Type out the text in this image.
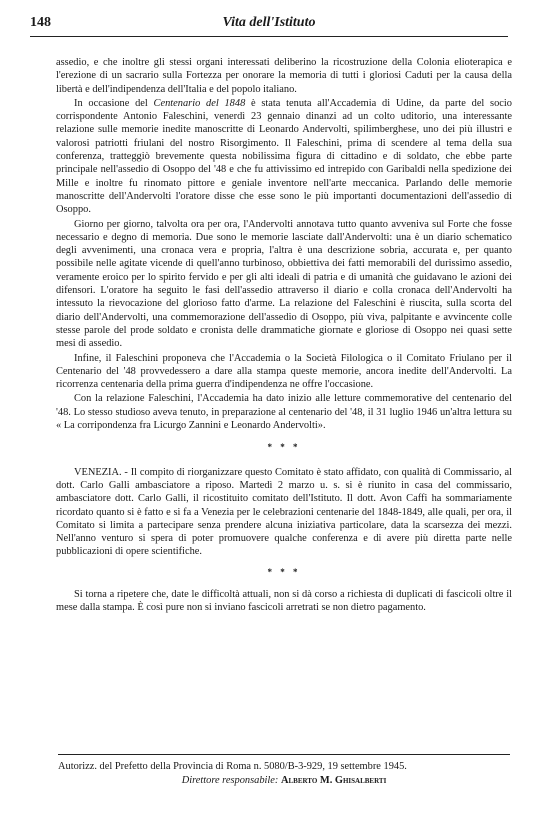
148	Vita dell'Istituto

assedio, e che inoltre gli stessi organi interessati deliberino la ricostruzione della Colonia elioterapica e l'erezione di un sacrario sulla Fortezza per onorare la memoria di tutti i gloriosi Caduti per la causa della libertà e dell'indipendenza dell'Italia e del popolo italiano.

In occasione del Centenario del 1848 è stata tenuta all'Accademia di Udine, da parte del socio corrispondente Antonio Faleschini, venerdì 23 gennaio dinanzi ad un colto uditorio, una interessante relazione sulle memorie inedite manoscritte di Leonardo Andervolti, spilimberghese, uno dei più illustri e valorosi patriotti friulani del nostro Risorgimento. Il Faleschini, prima di scendere al tema della sua conferenza, tratteggiò brevemente questa nobilissima figura di cittadino e di soldato, che ebbe parte principale nell'assedio di Osoppo del '48 e che fu attivissimo ed intrepido con Garibaldi nella spedizione dei Mille e inoltre fu rinomato pittore e geniale inventore nell'arte meccanica. Parlando delle memorie manoscritte dell'Andervolti l'oratore disse che esse sono le più importanti documentazioni dell'assedio di Osoppo.

Giorno per giorno, talvolta ora per ora, l'Andervolti annotava tutto quanto avveniva sul Forte che fosse necessario e degno di memoria. Due sono le memorie lasciate dall'Andervolti: una è un diario schematico degli avvenimenti, una cronaca vera e propria, l'altra è una descrizione sobria, accurata e, per quanto possibile nelle agitate vicende di quell'anno turbinoso, obbiettiva dei fatti memorabili del durissimo assedio, veramente eroico per lo spirito fervido e per gli alti ideali di patria e di umanità che guidavano le azioni dei difensori. L'oratore ha seguito le fasi dell'assedio attraverso il diario e colla cronaca dell'Andervolti ha intessuto la rievocazione del glorioso fatto d'arme. La relazione del Faleschini è riuscita, sulla scorta del diario dell'Andervolti, una commemorazione dell'assedio di Osoppo, più viva, palpitante e avvincente colle stesse parole del prode soldato e cronista delle drammatiche giornate e gloriose di Osoppo nei quasi sette mesi di assedio.

Infine, il Faleschini proponeva che l'Accademia o la Società Filologica o il Comitato Friulano per il Centenario del '48 provvedessero a dare alla stampa queste memorie, ancora inedite dell'Andervolti. La ricorrenza centenaria della prima guerra d'indipendenza ne offre l'occasione.

Con la relazione Faleschini, l'Accademia ha dato inizio alle letture commemorative del centenario del '48. Lo stesso studioso aveva tenuto, in preparazione al centenario del '48, il 31 luglio 1946 un'altra lettura su « La corripondenza fra Licurgo Zannini e Leonardo Andervolti».

* * *

VENEZIA. - Il compito di riorganizzare questo Comitato è stato affidato, con qualità di Commissario, al dott. Carlo Galli ambasciatore a riposo. Martedì 2 marzo u. s. si è riunito in casa del commissario, ambasciatore dott. Carlo Galli, il ricostituito comitato dell'Istituto. Il dott. Avon Caffi ha sommariamente ricordato quanto si è fatto e si fa a Venezia per le celebrazioni centenarie del 1848-1849, alle quali, per ora, il Comitato si limita a partecipare senza prendere alcuna iniziativa particolare, data la scarsezza dei mezzi. Nell'anno venturo si spera di poter promuovere qualche conferenza e di avere più diretta parte nelle pubblicazioni di opere scientifiche.

* * *

Si torna a ripetere che, date le difficoltà attuali, non si dà corso a richiesta di duplicati di fascicoli oltre il mese dalla stampa. È così pure non si inviano fascicoli arretrati se non dietro pagamento.

Autorizz. del Prefetto della Provincia di Roma n. 5080/B-3-929, 19 settembre 1945.
Direttore responsabile: Alberto M. Ghisalberti
